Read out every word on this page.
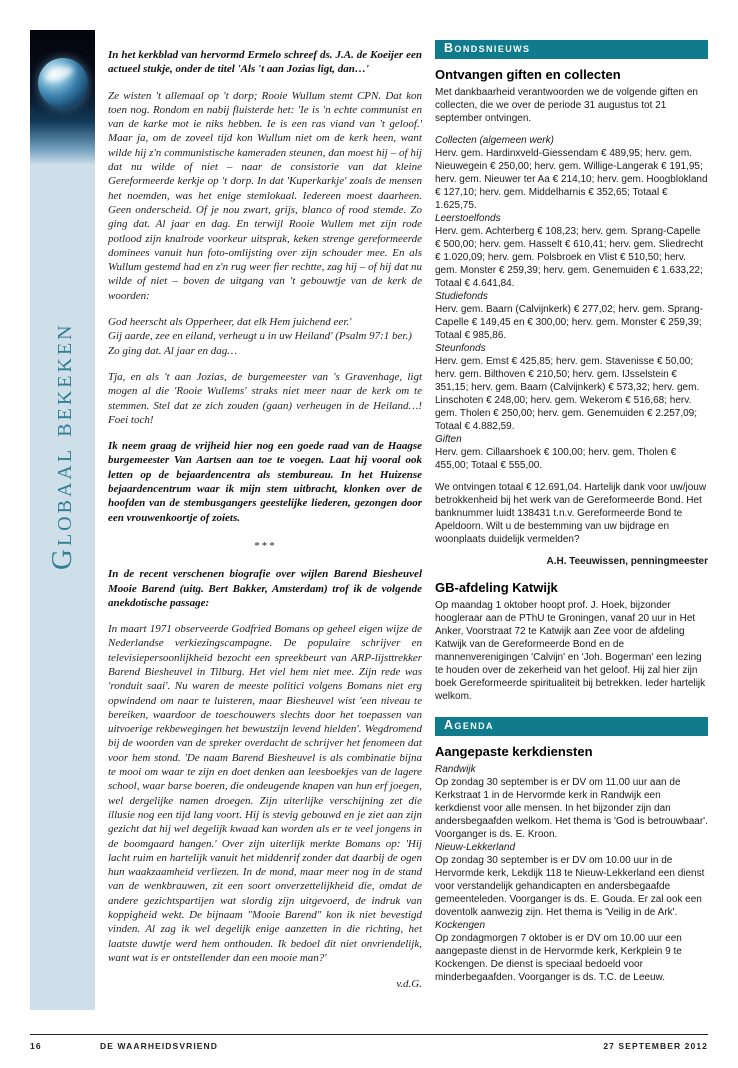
Globaal bekeken

In het kerkblad van hervormd Ermelo schreef ds. J.A. de Koeijer een actueel stukje, onder de titel 'Als 't aan Jozias ligt, dan…'

Ze wisten 't allemaal op 't dorp; Rooie Wullum stemt CPN. Dat kon toen nog. Rondom en nabij fluisterde het: 'Ie is 'n echte communist en van de karke mot ie niks hebben. Ie is een ras viand van 't geloof.' Maar ja, om de zoveel tijd kon Wullum niet om de kerk heen, want wilde hij z'n communistische kameraden steunen, dan moest hij – of hij dat nu wilde of niet – naar de consistorie van dat kleine Gereformeerde kerkje op 't dorp. In dat 'Kuperkarkje' zoals de mensen het noemden, was het enige stemlokaal. Iedereen moest daarheen. Geen onderscheid. Of je nou zwart, grijs, blanco of rood stemde. Zo ging dat. Al jaar en dag. En terwijl Rooie Wullem met zijn rode potlood zijn knalrode voorkeur uitsprak, keken strenge gereformeerde dominees vanuit hun foto-omlijsting over zijn schouder mee. En als Wullum gestemd had en z'n rug weer fier rechtte, zag hij – of hij dat nu wilde of niet – boven de uitgang van 't gebouwtje van de kerk de woorden:

God heerscht als Opperheer, dat elk Hem juichend eer.'

Gij aarde, zee en eiland, verheugt u in uw Heiland' (Psalm 97:1 ber.)

Zo ging dat. Al jaar en dag…

Tja, en als 't aan Jozias, de burgemeester van 's Gravenhage, ligt mogen al die 'Rooie Wullems' straks niet meer naar de kerk om te stemmen. Stel dat ze zich zouden (gaan) verheugen in de Heiland…! Foei toch!

Ik neem graag de vrijheid hier nog een goede raad van de Haagse burgemeester Van Aartsen aan toe te voegen. Laat hij vooral ook letten op de bejaardencentra als stembureau. In het Huizense bejaardencentrum waar ik mijn stem uitbracht, klonken over de hoofden van de stembusgangers geestelijke liederen, gezongen door een vrouwenkoortje of zoiets.

***

In de recent verschenen biografie over wijlen Barend Biesheuvel Mooie Barend (uitg. Bert Bakker, Amsterdam) trof ik de volgende anekdotische passage:

In maart 1971 observeerde Godfried Bomans op geheel eigen wijze de Nederlandse verkiezingscampagne. De populaire schrijver en televisiepersoonlijkheid bezocht een spreekbeurt van ARP-lijsttrekker Barend Biesheuvel in Tilburg. Het viel hem niet mee. Zijn rede was 'ronduit saai'. Nu waren de meeste politici volgens Bomans niet erg opwindend om naar te luisteren, maar Biesheuvel wist 'een niveau te bereiken, waardoor de toeschouwers slechts door het toepassen van uitvoerige rekbewegingen het bewustzijn levend hielden'. Wegdromend bij de woorden van de spreker overdacht de schrijver het fenomeen dat voor hem stond. 'De naam Barend Biesheuvel is als combinatie bijna te mooi om waar te zijn en doet denken aan leesboekjes van de lagere school, waar barse boeren, die ondeugende knapen van hun erf joegen, wel dergelijke namen droegen. Zijn uiterlijke verschijning zet die illusie nog een tijd lang voort. Hij is stevig gebouwd en je ziet aan zijn gezicht dat hij wel degelijk kwaad kan worden als er te veel jongens in de boomgaard hangen.' Over zijn uiterlijk merkte Bomans op: 'Hij lacht ruim en hartelijk vanuit het middenrif zonder dat daarbij de ogen hun waakzaamheid verliezen. In de mond, maar meer nog in de stand van de wenkbrauwen, zit een soort onverzettelijkheid die, omdat de andere gezichtspartijen wat slordig zijn uitgevoerd, de indruk van koppigheid wekt. De bijnaam "Mooie Barend" kon ik niet bevestigd vinden. Al zag ik wel degelijk enige aanzetten in die richting, het laatste duwtje werd hem onthouden. Ik bedoel dit niet onvriendelijk, want wat is er ontstellender dan een mooie man?'

v.d.G.

Bondsnieuws
Ontvangen giften en collecten

Met dankbaarheid verantwoorden we de volgende giften en collecten, die we over de periode 31 augustus tot 21 september ontvingen.

Collecten (algemeen werk)

Herv. gem. Hardinxveld-Giessendam € 489,95; herv. gem. Nieuwegein € 250,00; herv. gem. Willige-Langerak € 191,95; herv. gem. Nieuwer ter Aa € 214,10; herv. gem. Hoogblokland € 127,10; herv. gem. Middelharnis € 352,65; Totaal € 1.625,75.

Leerstoelfonds

Herv. gem. Achterberg € 108,23; herv. gem. Sprang-Capelle € 500,00; herv. gem. Hasselt € 610,41; herv. gem. Sliedrecht € 1.020,09; herv. gem. Polsbroek en Vlist € 510,50; herv. gem. Monster € 259,39; herv. gem. Genemuiden € 1.633,22; Totaal € 4.641,84.

Studiefonds

Herv. gem. Baarn (Calvijnkerk) € 277,02; herv. gem. Sprang-Capelle € 149,45 en € 300,00; herv. gem. Monster € 259,39; Totaal € 985,86.

Steunfonds

Herv. gem. Emst € 425,85; herv. gem. Stavenisse € 50,00; herv. gem. Bilthoven € 210,50; herv. gem. IJsselstein € 351,15; herv. gem. Baarn (Calvijnkerk) € 573,32; herv. gem. Linschoten € 248,00; herv. gem. Wekerom € 516,68; herv. gem. Tholen € 250,00; herv. gem. Genemuiden € 2.257,09; Totaal € 4.882,59.

Giften

Herv. gem. Cillaarshoek € 100,00; herv. gem. Tholen € 455,00; Totaal € 555,00.

We ontvingen totaal € 12.691,04. Hartelijk dank voor uw/jouw betrokkenheid bij het werk van de Gereformeerde Bond. Het banknummer luidt 138431 t.n.v. Gereformeerde Bond te Apeldoorn. Wilt u de bestemming van uw bijdrage en woonplaats duidelijk vermelden?

A.H. Teeuwissen, penningmeester

GB-afdeling Katwijk

Op maandag 1 oktober hoopt prof. J. Hoek, bijzonder hoogleraar aan de PThU te Groningen, vanaf 20 uur in Het Anker, Voorstraat 72 te Katwijk aan Zee voor de afdeling Katwijk van de Gereformeerde Bond en de mannenverenigingen 'Calvijn' en 'Joh. Bogerman' een lezing te houden over de zekerheid van het geloof. Hij zal hier zijn boek Gereformeerde spiritualiteit bij betrekken. Ieder hartelijk welkom.

Agenda
Aangepaste kerkdiensten

Randwijk

Op zondag 30 september is er DV om 11.00 uur aan de Kerkstraat 1 in de Hervormde kerk in Randwijk een kerkdienst voor alle mensen. In het bijzonder zijn dan andersbegaafden welkom. Het thema is 'God is betrouwbaar'. Voorganger is ds. E. Kroon.

Nieuw-Lekkerland

Op zondag 30 september is er DV om 10.00 uur in de Hervormde kerk, Lekdijk 118 te Nieuw-Lekkerland een dienst voor verstandelijk gehandicapten en andersbegaafde gemeenteleden. Voorganger is ds. E. Gouda. Er zal ook een doventolk aanwezig zijn. Het thema is 'Veilig in de Ark'.

Kockengen

Op zondagmorgen 7 oktober is er DV om 10.00 uur een aangepaste dienst in de Hervormde kerk, Kerkplein 9 te Kockengen. De dienst is speciaal bedoeld voor minderbegaafden. Voorganger is ds. T.C. de Leeuw.

16	DE WAARHEIDSVRIEND	27 SEPTEMBER 2012
